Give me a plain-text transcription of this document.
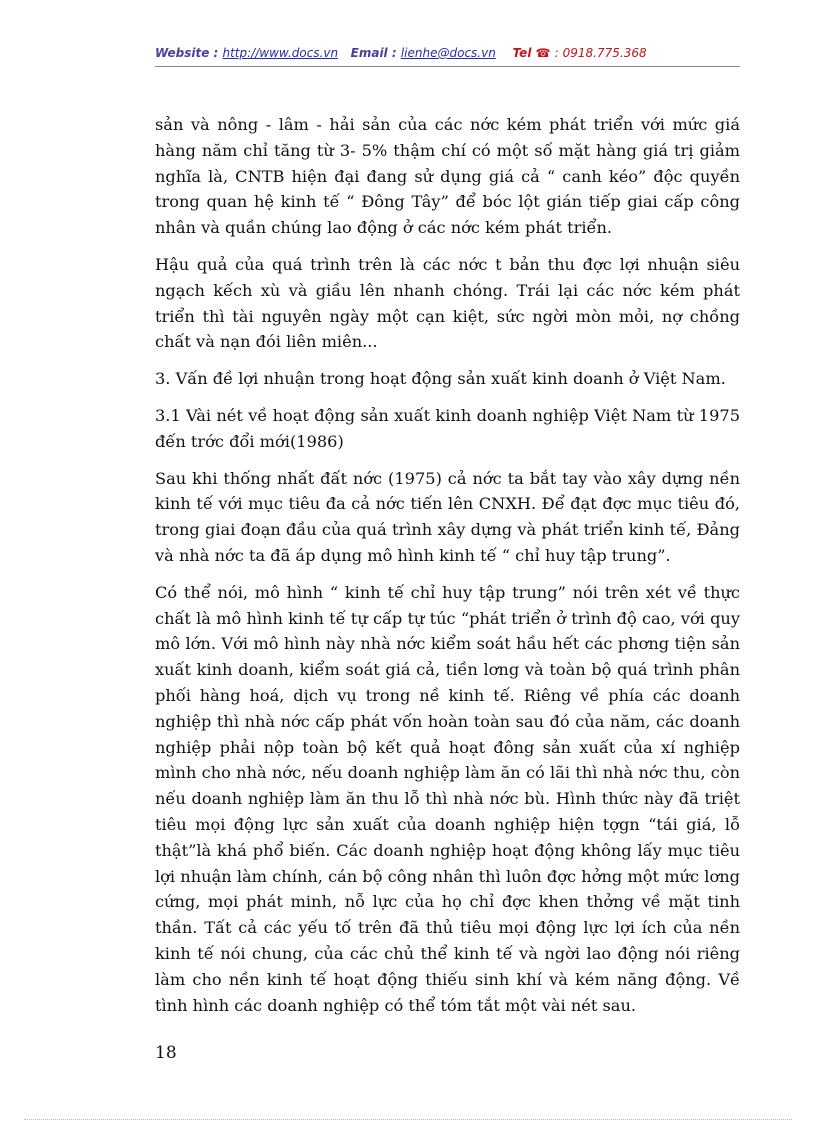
Website : http://www.docs.vn Email : lienhe@docs.vn Tel ☎ : 0918.775.368

sản và nông - lâm - hải sản của các nớc kém phát triển với mức giá hàng năm chỉ tăng từ 3- 5% thậm chí có một số mặt hàng giá trị giảm nghĩa là, CNTB hiện đại đang sử dụng giá cả “ canh kéo” độc quyền trong quan hệ kinh tế “ Đông Tây” để bóc lột gián tiếp giai cấp công nhân và quần chúng lao động ở các nớc kém phát triển.

Hậu quả của quá trình trên là các nớc t bản thu đợc lợi nhuận siêu ngạch kếch xù và giầu lên nhanh chóng. Trái lại các nớc kém phát triển thì tài nguyên ngày một cạn kiệt, sức ngời mòn mỏi, nợ chồng chất và nạn đói liên miên...

3. Vấn đề lợi nhuận trong hoạt động sản xuất kinh doanh ở Việt Nam.

3.1 Vài nét về hoạt động sản xuất kinh doanh nghiệp Việt Nam từ 1975 đến trớc đổi mới(1986)

Sau khi thống nhất đất nớc (1975) cả nớc ta bắt tay vào xây dựng nền kinh tế với mục tiêu đa cả nớc tiến lên CNXH. Để đạt đợc mục tiêu đó, trong giai đoạn đầu của quá trình xây dựng và phát triển kinh tế, Đảng và nhà nớc ta đã áp dụng mô hình kinh tế “ chỉ huy tập trung”.

Có thể nói, mô hình “ kinh tế chỉ huy tập trung” nói trên xét về thực chất là mô hình kinh tế tự cấp tự túc “phát triển ở trình độ cao, với quy mô lớn. Với mô hình này nhà nớc kiểm soát hầu hết các phơng tiện sản xuất kinh doanh, kiểm soát giá cả, tiền lơng và toàn bộ quá trình phân phối hàng hoá, dịch vụ trong nề kinh tế. Riêng về phía các doanh nghiệp thì nhà nớc cấp phát vốn hoàn toàn sau đó của năm, các doanh nghiệp phải nộp toàn bộ kết quả hoạt đông sản xuất của xí nghiệp mình cho nhà nớc, nếu doanh nghiệp làm ăn có lãi thì nhà nớc thu, còn nếu doanh nghiệp làm ăn thu lỗ thì nhà nớc bù. Hình thức này đã triệt tiêu mọi động lực sản xuất của doanh nghiệp hiện tợgn “tái giá, lỗ thật”là khá phổ biến. Các doanh nghiệp hoạt động không lấy mục tiêu lợi nhuận làm chính, cán bộ công nhân thì luôn đợc hởng một mức lơng cứng, mọi phát minh, nỗ lực của họ chỉ đợc khen thởng về mặt tinh thần. Tất cả các yếu tố trên đã thủ tiêu mọi động lực lợi ích của nền kinh tế nói chung, của các chủ thể kinh tế và ngời lao động nói riêng làm cho nền kinh tế hoạt động thiếu sinh khí và kém năng động. Về tình hình các doanh nghiệp có thể tóm tắt một vài nét sau.

18
